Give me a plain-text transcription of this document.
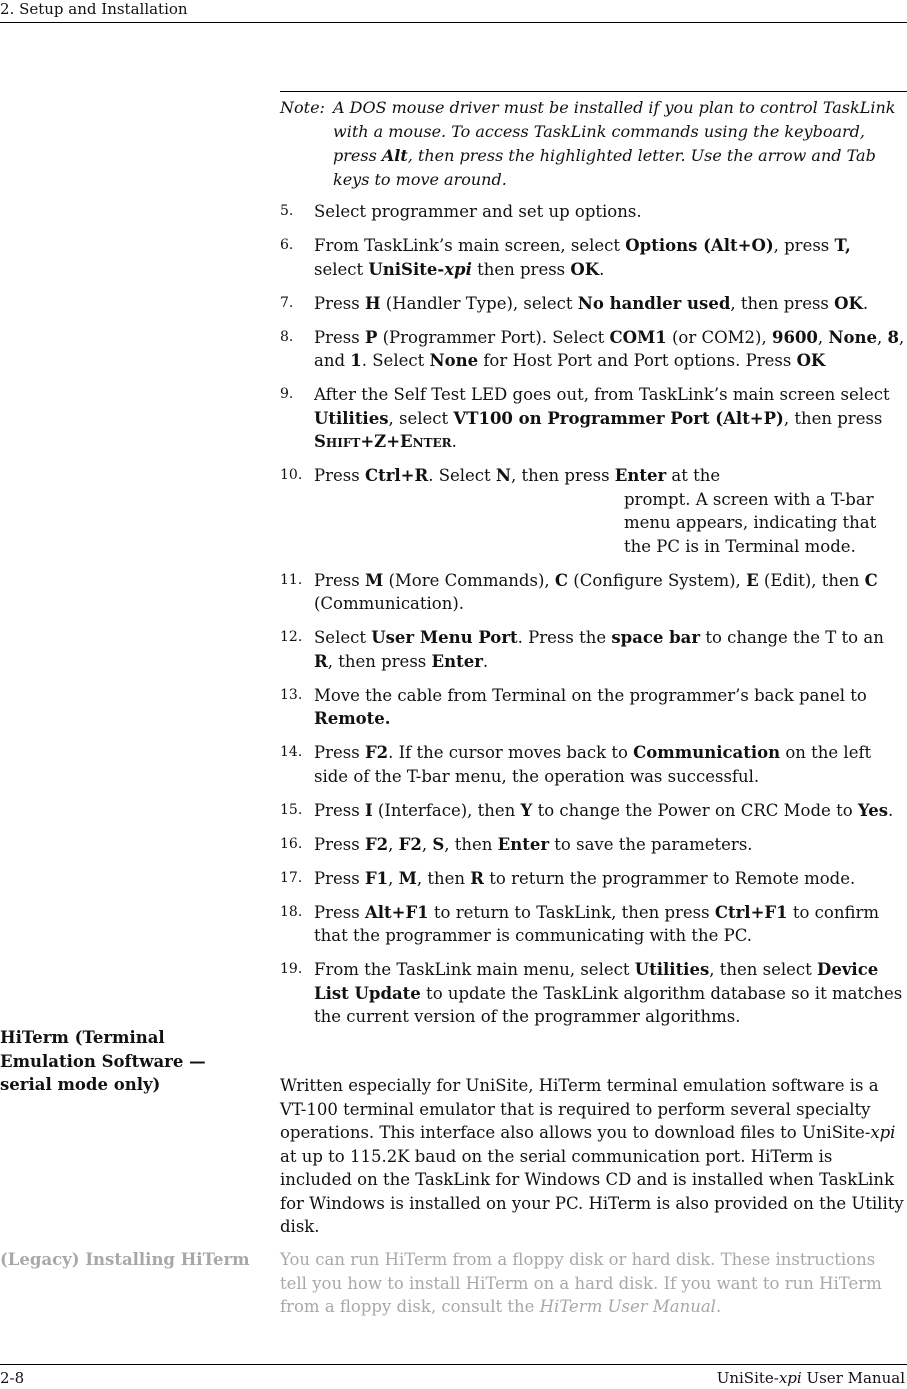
2. Setup and Installation
Note: A DOS mouse driver must be installed if you plan to control TaskLink with a mouse. To access TaskLink commands using the keyboard, press Alt, then press the highlighted letter. Use the arrow and Tab keys to move around.
5. Select programmer and set up options.
6. From TaskLink’s main screen, select Options (Alt+O), press T, select UniSite-xpi then press OK.
7. Press H (Handler Type), select No handler used, then press OK.
8. Press P (Programmer Port). Select COM1 (or COM2), 9600, None, 8, and 1. Select None for Host Port and Port options. Press OK
9. After the Self Test LED goes out, from TaskLink’s main screen select Utilities, select VT100 on Programmer Port (Alt+P), then press Shift+Z+Enter.
10. Press Ctrl+R. Select N, then press Enter at the
prompt. A screen with a T-bar menu appears, indicating that the PC is in Terminal mode.
11. Press M (More Commands), C (Configure System), E (Edit), then C (Communication).
12. Select User Menu Port. Press the space bar to change the T to an R, then press Enter.
13. Move the cable from Terminal on the programmer’s back panel to Remote.
14. Press F2. If the cursor moves back to Communication on the left side of the T-bar menu, the operation was successful.
15. Press I (Interface), then Y to change the Power on CRC Mode to Yes.
16. Press F2, F2, S, then Enter to save the parameters.
17. Press F1, M, then R to return the programmer to Remote mode.
18. Press Alt+F1 to return to TaskLink, then press Ctrl+F1 to confirm that the programmer is communicating with the PC.
19. From the TaskLink main menu, select Utilities, then select Device List Update to update the TaskLink algorithm database so it matches the current version of the programmer algorithms.
HiTerm (Terminal
Emulation Software —
serial mode only)	Written especially for UniSite, HiTerm terminal emulation software is a VT-100 terminal emulator that is required to perform several specialty operations. This interface also allows you to download files to UniSite-xpi at up to 115.2K baud on the serial communication port. HiTerm is included on the TaskLink for Windows CD and is installed when TaskLink for Windows is installed on your PC. HiTerm is also provided on the Utility disk.
(Legacy) Installing HiTerm	You can run HiTerm from a floppy disk or hard disk. These instructions tell you how to install HiTerm on a hard disk. If you want to run HiTerm from a floppy disk, consult the HiTerm User Manual.
2-8	UniSite-xpi User Manual
